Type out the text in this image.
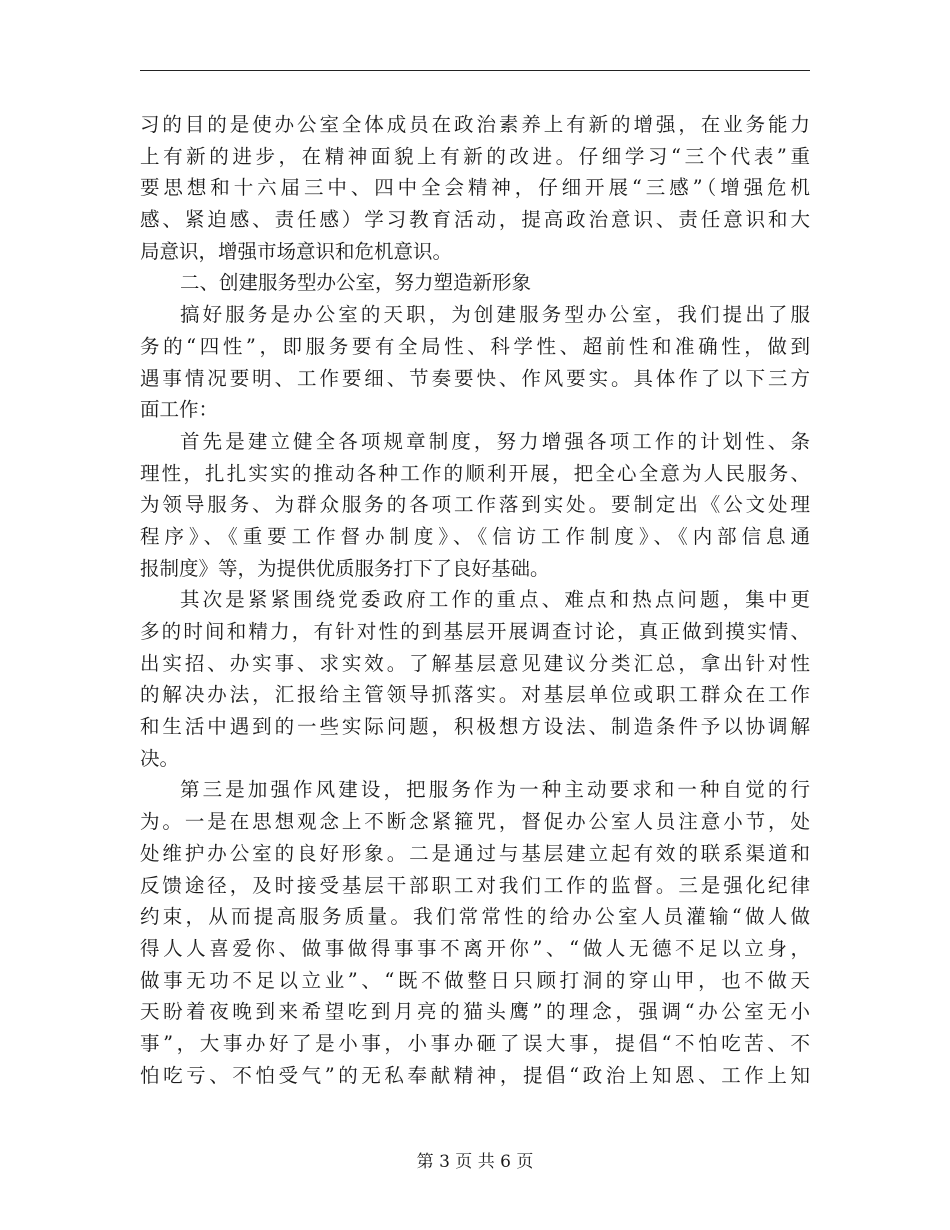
习的目的是使办公室全体成员在政治素养上有新的增强，在业务能力
上有新的进步，在精神面貌上有新的改进。仔细学习“三个代表”重
要思想和十六届三中、四中全会精神，仔细开展“三感”（增强危机
感、紧迫感、责任感）学习教育活动，提高政治意识、责任意识和大
局意识，增强市场意识和危机意识。
二、创建服务型办公室，努力塑造新形象
搞好服务是办公室的天职，为创建服务型办公室，我们提出了服
务的“四性”，即服务要有全局性、科学性、超前性和准确性，做到
遇事情况要明、工作要细、节奏要快、作风要实。具体作了以下三方
面工作：
首先是建立健全各项规章制度，努力增强各项工作的计划性、条
理性，扎扎实实的推动各种工作的顺利开展，把全心全意为人民服务、
为领导服务、为群众服务的各项工作落到实处。要制定出《公文处理
程序》、《重要工作督办制度》、《信访工作制度》、《内部信息通
报制度》等，为提供优质服务打下了良好基础。
其次是紧紧围绕党委政府工作的重点、难点和热点问题，集中更
多的时间和精力，有针对性的到基层开展调查讨论，真正做到摸实情、
出实招、办实事、求实效。了解基层意见建议分类汇总，拿出针对性
的解决办法，汇报给主管领导抓落实。对基层单位或职工群众在工作
和生活中遇到的一些实际问题，积极想方设法、制造条件予以协调解
决。
第三是加强作风建设，把服务作为一种主动要求和一种自觉的行
为。一是在思想观念上不断念紧箍咒，督促办公室人员注意小节，处
处维护办公室的良好形象。二是通过与基层建立起有效的联系渠道和
反馈途径，及时接受基层干部职工对我们工作的监督。三是强化纪律
约束，从而提高服务质量。我们常常性的给办公室人员灌输“做人做
得人人喜爱你、做事做得事事不离开你”、“做人无德不足以立身，
做事无功不足以立业”、“既不做整日只顾打洞的穿山甲，也不做天
天盼着夜晚到来希望吃到月亮的猫头鹰”的理念，强调“办公室无小
事”，大事办好了是小事，小事办砸了误大事，提倡“不怕吃苦、不
怕吃亏、不怕受气”的无私奉献精神，提倡“政治上知恩、工作上知
第 3 页 共 6 页
